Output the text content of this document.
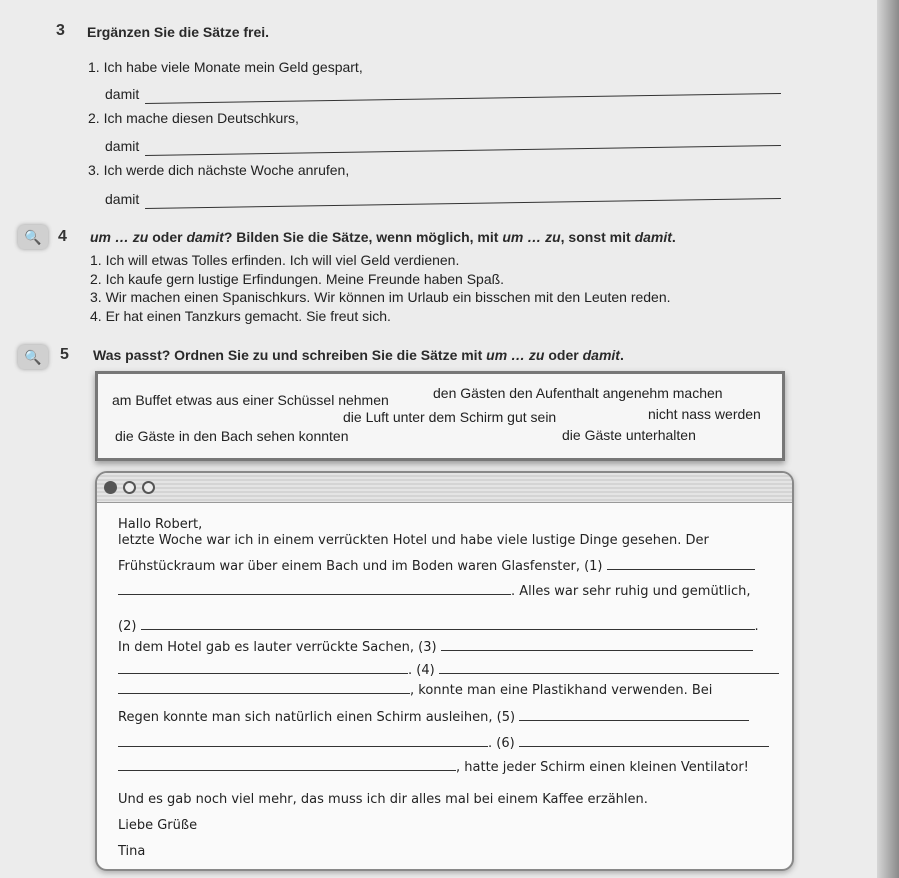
3 Ergänzen Sie die Sätze frei.
1. Ich habe viele Monate mein Geld gespart,
damit
2. Ich mache diesen Deutschkurs,
damit
3. Ich werde dich nächste Woche anrufen,
damit
🔍	4 um … zu oder damit? Bilden Sie die Sätze, wenn möglich, mit um … zu, sonst mit damit.
1. Ich will etwas Tolles erfinden. Ich will viel Geld verdienen.
2. Ich kaufe gern lustige Erfindungen. Meine Freunde haben Spaß.
3. Wir machen einen Spanischkurs. Wir können im Urlaub ein bisschen mit den Leuten reden.
4. Er hat einen Tanzkurs gemacht. Sie freut sich.
🔍	5 Was passt? Ordnen Sie zu und schreiben Sie die Sätze mit um … zu oder damit.
am Buffet etwas aus einer Schüssel nehmen	den Gästen den Aufenthalt angenehm machen
die Luft unter dem Schirm gut sein	nicht nass werden
die Gäste in den Bach sehen konnten	die Gäste unterhalten
Hallo Robert,
letzte Woche war ich in einem verrückten Hotel und habe viele lustige Dinge gesehen. Der
Frühstückraum war über einem Bach und im Boden waren Glasfenster, (1)
. Alles war sehr ruhig und gemütlich,
(2)	.
In dem Hotel gab es lauter verrückte Sachen, (3)
. (4)
, konnte man eine Plastikhand verwenden. Bei
Regen konnte man sich natürlich einen Schirm ausleihen, (5)
. (6)
, hatte jeder Schirm einen kleinen Ventilator!
Und es gab noch viel mehr, das muss ich dir alles mal bei einem Kaffee erzählen.
Liebe Grüße
Tina
